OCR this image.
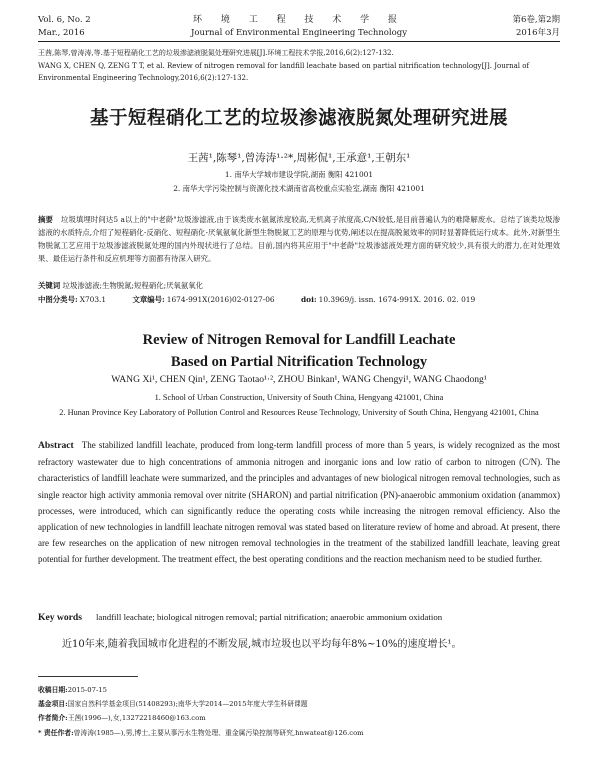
Vol. 6, No. 2
Mar., 2016
环 境 工 程 技 术 学 报
Journal of Environmental Engineering Technology
第6卷,第2期
2016年3月
王茜,陈琴,曾涛涛,等.基于短程硝化工艺的垃圾渗滤液脱氮处理研究进展[J].环境工程技术学报,2016,6(2):127-132.
WANG X, CHEN Q, ZENG T T, et al. Review of nitrogen removal for landfill leachate based on partial nitrification technology[J]. Journal of
Environmental Engineering Technology,2016,6(2):127-132.
基于短程硝化工艺的垃圾渗滤液脱氮处理研究进展
王茜¹,陈琴¹,曾涛涛¹·²*,周彬侃¹,王承意¹,王朝东¹
1. 南华大学城市建设学院,湖南 衡阳 421001
2. 南华大学污染控制与资源化技术湖南省高校重点实验室,湖南 衡阳 421001
摘要 垃圾填埋时间达5 a以上的"中老龄"垃圾渗滤液,由于该类废水氨氮浓度较高,无机离子浓度高,C/N较低,是目前普遍认为的难降解废水。总结了该类垃圾渗滤液的水质特点,介绍了短程硝化-反硝化、短程硝化-厌氧氨氧化新型生物脱氮工艺的原理与优势,阐述以在提高脱氮效率的同时显著降低运行成本。此外,对新型生物脱氮工艺应用于垃圾渗滤液脱氮处理的国内外现状进行了总结。目前,国内将其应用于"中老龄"垃圾渗滤液处理方面的研究较少,具有很大的潜力,在对处理效果、最佳运行条件和反应机理等方面都有待深入研究。
关键词 垃圾渗滤液;生物脱氮;短程硝化;厌氧氨氧化
中图分类号: X703.1	文章编号: 1674-991X(2016)02-0127-06	doi: 10.3969/j. issn. 1674-991X. 2016. 02. 019
Review of Nitrogen Removal for Landfill Leachate
Based on Partial Nitrification Technology
WANG Xi¹, CHEN Qin¹, ZENG Taotao¹·², ZHOU Binkan¹, WANG Chengyi¹, WANG Chaodong¹
1. School of Urban Construction, University of South China, Hengyang 421001, China
2. Hunan Province Key Laboratory of Pollution Control and Resources Reuse Technology, University of South China, Hengyang 421001, China
Abstract The stabilized landfill leachate, produced from long-term landfill process of more than 5 years, is widely recognized as the most refractory wastewater due to high concentrations of ammonia nitrogen and inorganic ions and low ratio of carbon to nitrogen (C/N). The characteristics of landfill leachate were summarized, and the principles and advantages of new biological nitrogen removal technologies, such as single reactor high activity ammonia removal over nitrite (SHARON) and partial nitrification (PN)-anaerobic ammonium oxidation (anammox) processes, were introduced, which can significantly reduce the operating costs while increasing the nitrogen removal efficiency. Also the application of new technologies in landfill leachate nitrogen removal was stated based on literature review of home and abroad. At present, there are few researches on the application of new nitrogen removal technologies in the treatment of the stabilized landfill leachate, leaving great potential for further development. The treatment effect, the best operating conditions and the reaction mechanism need to be studied further.
Key words landfill leachate; biological nitrogen removal; partial nitrification; anaerobic ammonium oxidation

近10年来,随着我国城市化进程的不断发展,城市垃圾也以平均每年8%~10%的速度增长¹。

收稿日期:2015-07-15
基金项目:国家自然科学基金项目(51408293);南华大学2014—2015年度大学生科研课题
作者简介:王茜(1996—),女,13272218460@163.com
* 责任作者:曾涛涛(1985—),男,博士,主要从事污水生物处理、重金属污染控制等研究,hnwateat@126.com
